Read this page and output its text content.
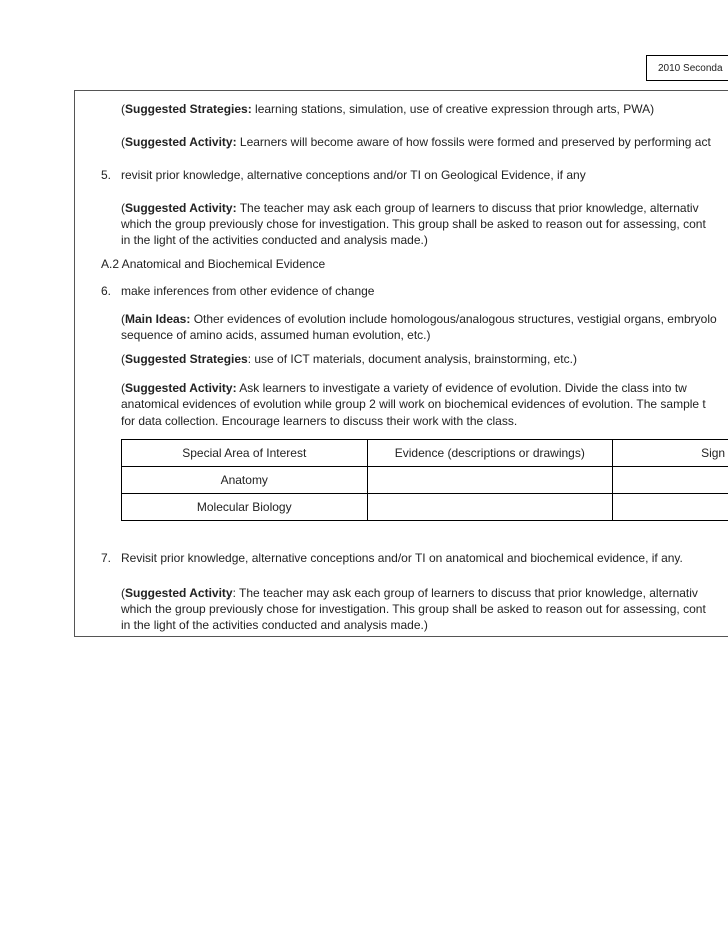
2010 Seconda
(Suggested Strategies: learning stations, simulation, use of creative expression through arts, PWA)
(Suggested Activity: Learners will become aware of how fossils were formed and preserved by performing act
5. revisit prior knowledge, alternative conceptions and/or TI on Geological Evidence, if any
(Suggested Activity: The teacher may ask each group of learners to discuss that prior knowledge, alternativ
which the group previously chose for investigation. This group shall be asked to reason out for assessing, cont
in the light of the activities conducted and analysis made.)
A.2 Anatomical and Biochemical Evidence
6. make inferences from other evidence of change
(Main Ideas: Other evidences of evolution include homologous/analogous structures, vestigial organs, embryolo
sequence of amino acids, assumed human evolution, etc.)
(Suggested Strategies: use of ICT materials, document analysis, brainstorming, etc.)
(Suggested Activity: Ask learners to investigate a variety of evidence of evolution. Divide the class into tw
anatomical evidences of evolution while group 2 will work on biochemical evidences of evolution. The sample t
for data collection. Encourage learners to discuss their work with the class.
Special Area of Interest	Evidence (descriptions or drawings)	Sign
Anatomy		
Molecular Biology		
7. Revisit prior knowledge, alternative conceptions and/or TI on anatomical and biochemical evidence, if any.
(Suggested Activity: The teacher may ask each group of learners to discuss that prior knowledge, alternativ
which the group previously chose for investigation. This group shall be asked to reason out for assessing, cont
in the light of the activities conducted and analysis made.)
